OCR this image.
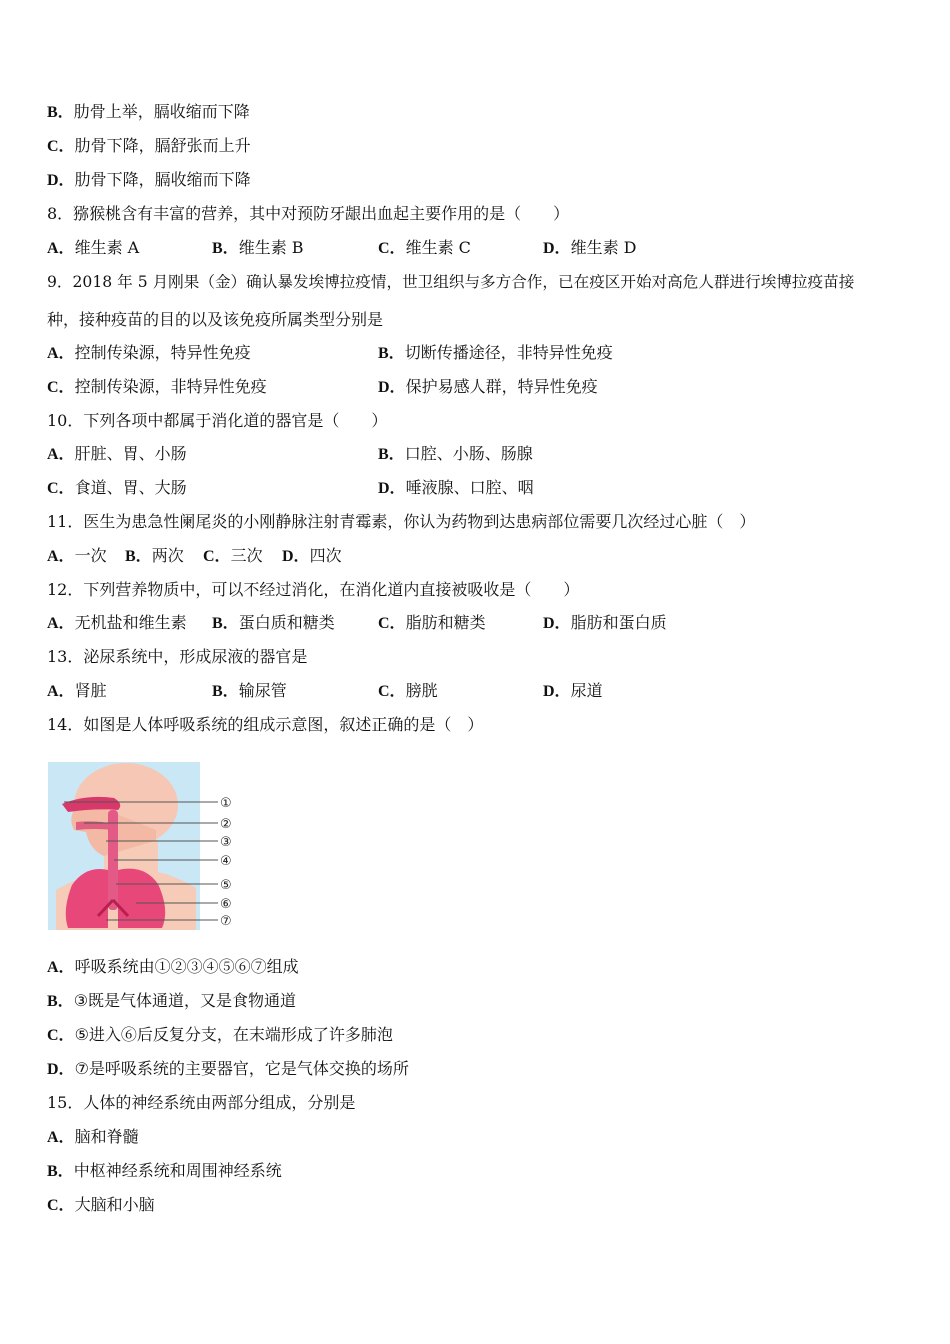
B．肋骨上举，膈收缩而下降
C．肋骨下降，膈舒张而上升
D．肋骨下降，膈收缩而下降
8．猕猴桃含有丰富的营养，其中对预防牙龈出血起主要作用的是（　　）
A．维生素 A	B．维生素 B	C．维生素 C	D．维生素 D
9．2018 年 5 月刚果（金）确认暴发埃博拉疫情，世卫组织与多方合作，已在疫区开始对高危人群进行埃博拉疫苗接
种，接种疫苗的目的以及该免疫所属类型分别是
A．控制传染源，特异性免疫	B．切断传播途径，非特异性免疫
C．控制传染源，非特异性免疫	D．保护易感人群，特异性免疫
10．下列各项中都属于消化道的器官是（　　）
A．肝脏、胃、小肠	B．口腔、小肠、肠腺
C．食道、胃、大肠	D．唾液腺、口腔、咽
11．医生为患急性阑尾炎的小刚静脉注射青霉素，你认为药物到达患病部位需要几次经过心脏（　）
A．一次 B．两次 C．三次 D．四次
12．下列营养物质中，可以不经过消化，在消化道内直接被吸收是（　　）
A．无机盐和维生素 B．蛋白质和糖类	C．脂肪和糖类	D．脂肪和蛋白质
13．泌尿系统中，形成尿液的器官是
A．肾脏	B．输尿管	C．膀胱	D．尿道
14．如图是人体呼吸系统的组成示意图，叙述正确的是（　）
①
②
③
④
⑤
⑥
⑦
A．呼吸系统由①②③④⑤⑥⑦组成
B．③既是气体通道，又是食物通道
C．⑤进入⑥后反复分支，在末端形成了许多肺泡
D．⑦是呼吸系统的主要器官，它是气体交换的场所
15．人体的神经系统由两部分组成，分别是
A．脑和脊髓
B．中枢神经系统和周围神经系统
C．大脑和小脑
